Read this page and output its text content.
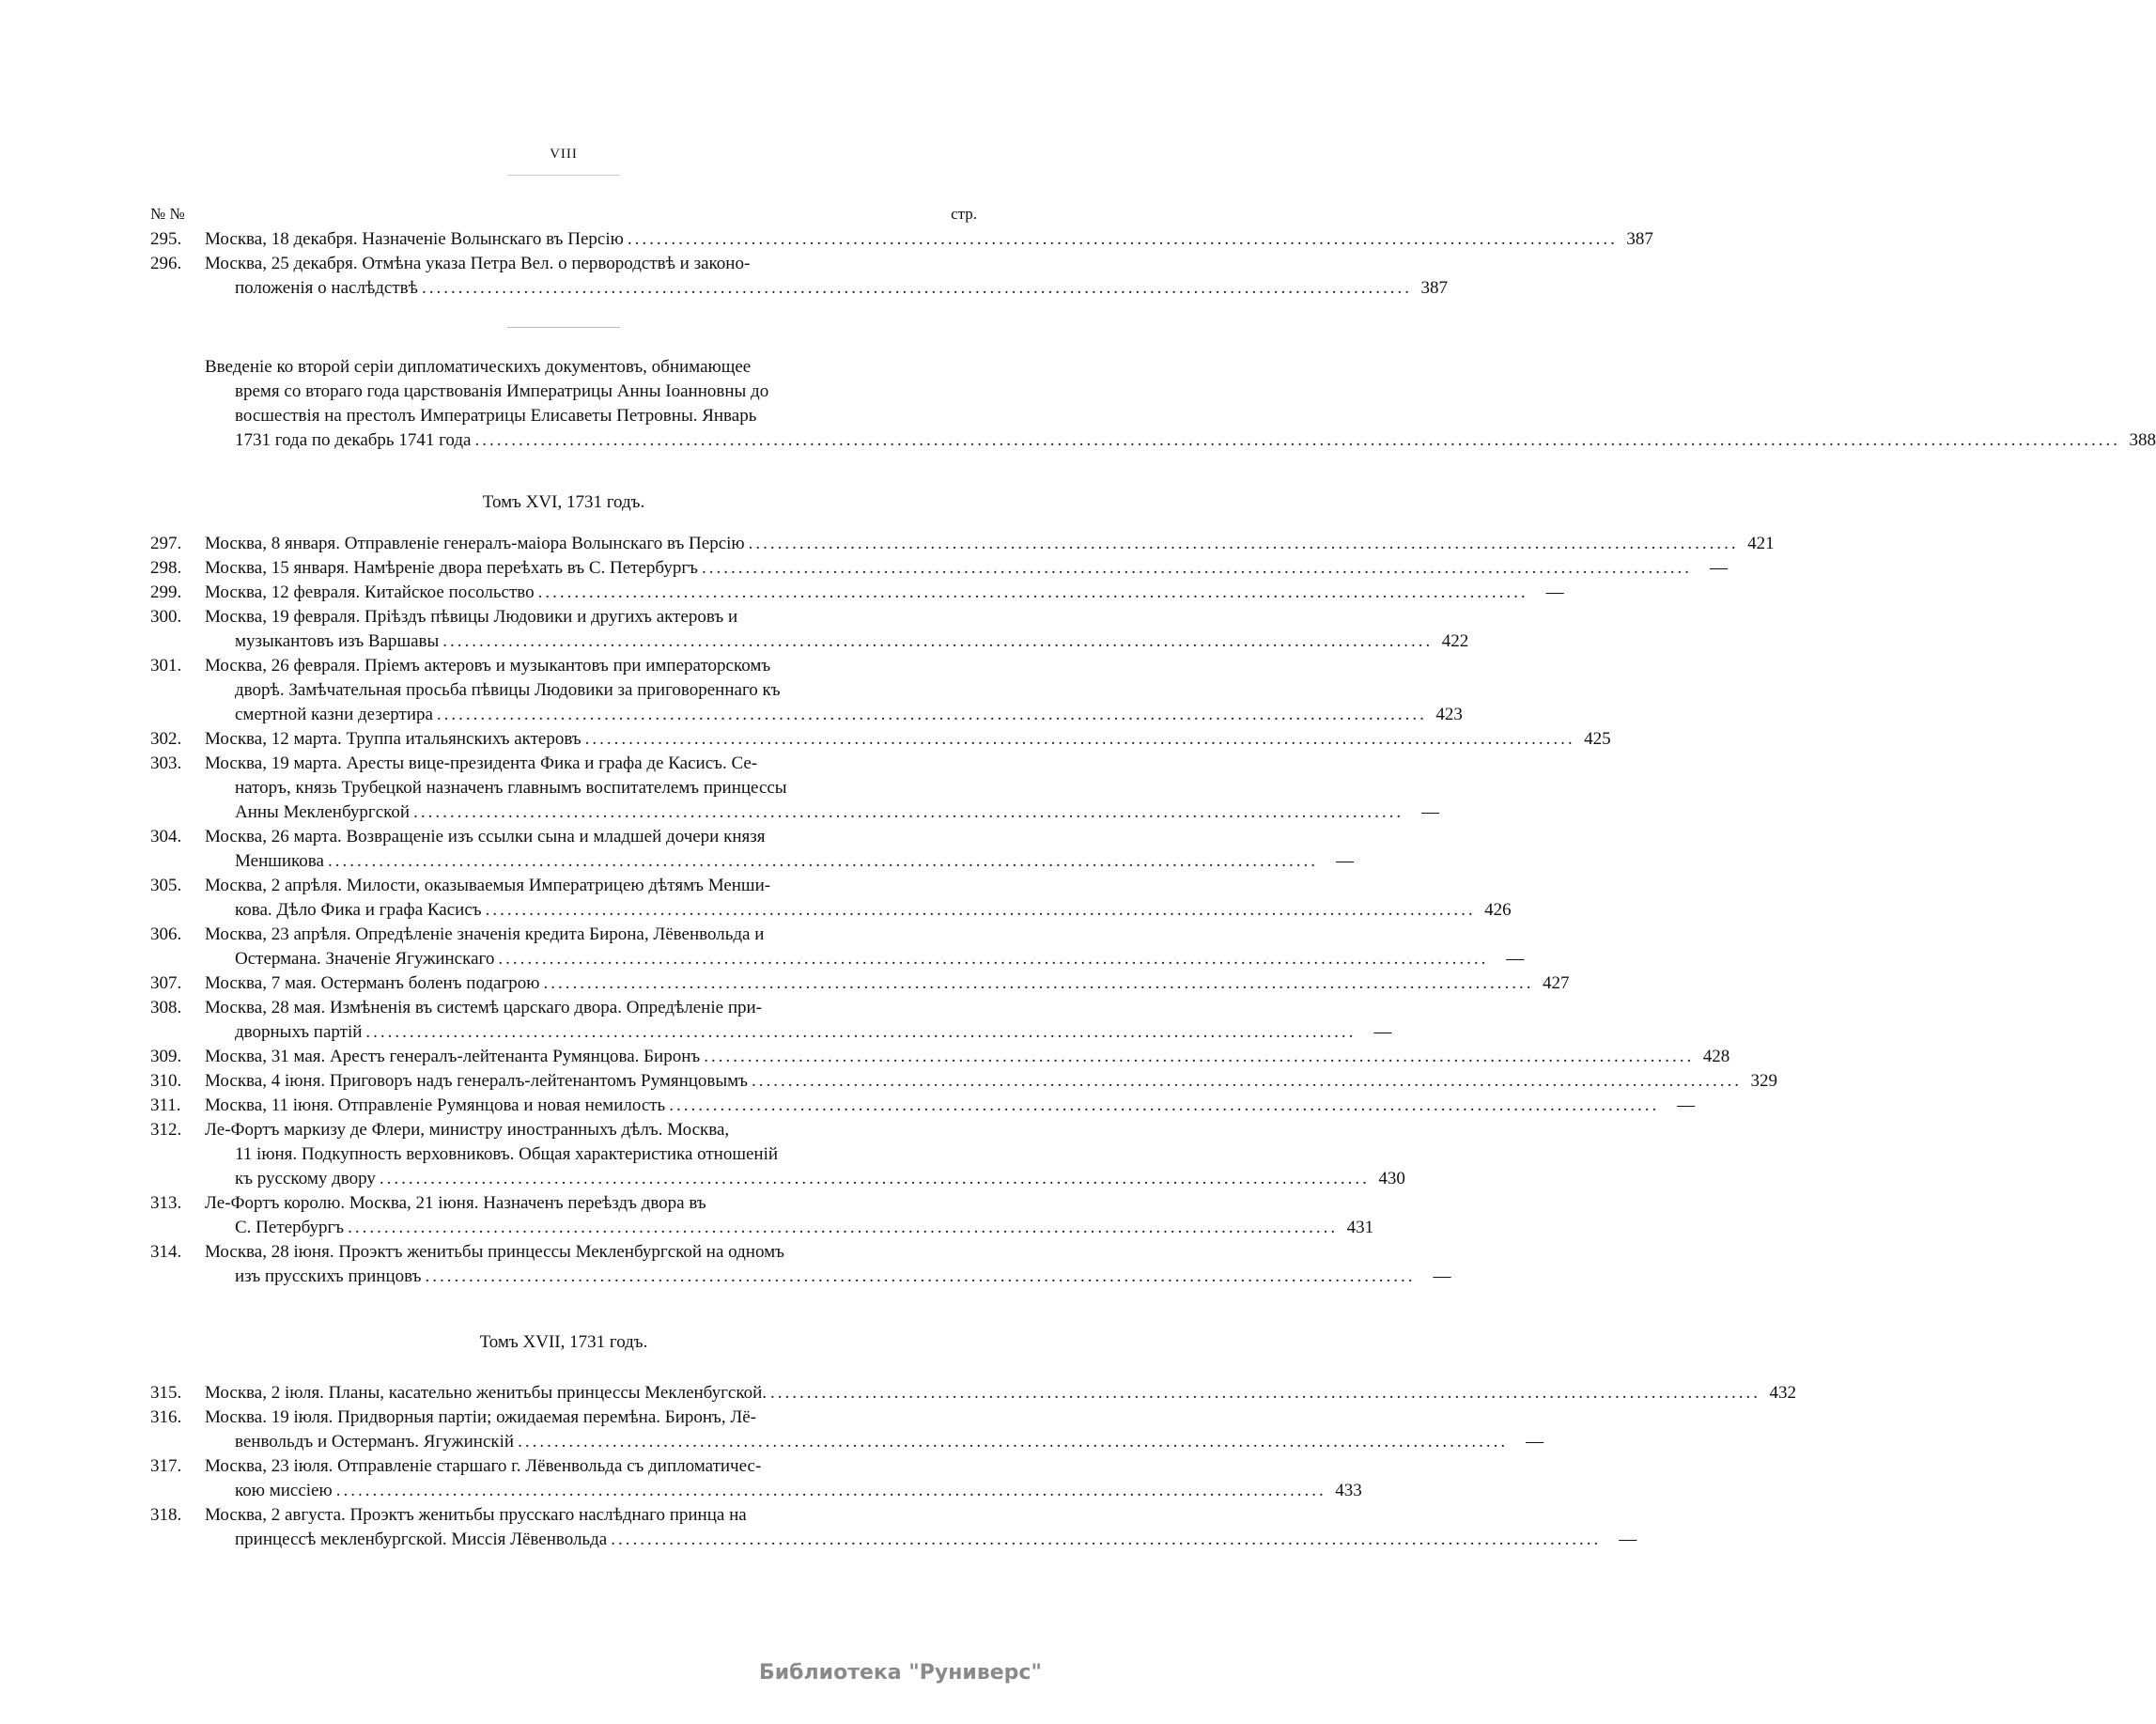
VIII
№ №	стр.
295.	Москва, 18 декабря. Назначеніе Волынскаго въ Персію .....	387
296.	Москва, 25 декабря. Отмѣна указа Петра Вел. о первородствѣ и законо-
положенія о наслѣдствѣ .....	387
Введеніе ко второй серіи дипломатическихъ документовъ, обнимающее
время со втораго года царствованія Императрицы Анны Іоанновны до
восшествія на престолъ Императрицы Елисаветы Петровны. Январь
1731 года по декабрь 1741 года	..... .......................................................................................... 388
Томъ XVI, 1731 годъ.
297.	Москва, 8 января. Отправленіе генералъ-маіора Волынскаго въ Персію .....	421
298.	Москва, 15 января. Намѣреніе двора переѣхать въ С. Петербургъ .....	—
299.	Москва, 12 февраля. Китайское посольство .....	—
300.	Москва, 19 февраля. Пріѣздъ пѣвицы Людовики и другихъ актеровъ и
музыкантовъ изъ Варшавы .....	422
301.	Москва, 26 февраля. Пріемъ актеровъ и музыкантовъ при императорскомъ
дворѣ. Замѣчательная просьба пѣвицы Людовики за приговореннаго къ
смертной казни дезертира .....	423
302.	Москва, 12 марта. Труппа итальянскихъ актеровъ .....	425
303.	Москва, 19 марта. Аресты вице-президента Фика и графа де Касисъ. Се-
наторъ, князь Трубецкой назначенъ главнымъ воспитателемъ принцессы
Анны Мекленбургской .....	—
304.	Москва, 26 марта. Возвращеніе изъ ссылки сына и младшей дочери князя
Меншикова .....	—
305.	Москва, 2 апрѣля. Милости, оказываемыя Императрицею дѣтямъ Менши-
кова. Дѣло Фика и графа Касисъ .....	426
306.	Москва, 23 апрѣля. Опредѣленіе значенія кредита Бирона, Лёвенвольда и
Остермана. Значеніе Ягужинскаго .....	—
307.	Москва, 7 мая. Остерманъ боленъ подагрою .....	427
308.	Москва, 28 мая. Измѣненія въ системѣ царскаго двора. Опредѣленіе при-
дворныхъ партій .....	—
309.	Москва, 31 мая. Арестъ генералъ-лейтенанта Румянцова. Биронъ .....	428
310.	Москва, 4 іюня. Приговоръ надъ генералъ-лейтенантомъ Румянцовымъ .....	329
311.	Москва, 11 іюня. Отправленіе Румянцова и новая немилость .....	—
312.	Ле-Фортъ маркизу де Флери, министру иностранныхъ дѣлъ. Москва,
11 іюня. Подкупность верховниковъ. Общая характеристика отношеній
къ русскому двору .....	430
313.	Ле-Фортъ королю. Москва, 21 іюня. Назначенъ переѣздъ двора въ
С. Петербургъ .....	431
314.	Москва, 28 іюня. Проэктъ женитьбы принцессы Мекленбургской на одномъ
изъ прусскихъ принцовъ .....	—
Томъ XVII, 1731 годъ.
315.	Москва, 2 іюля. Планы, касательно женитьбы принцессы Мекленбугской. .....	432
316.	Москва. 19 іюля. Придворныя партіи; ожидаемая перемѣна. Биронъ, Лё-
венвольдъ и Остерманъ. Ягужинскій .....	—
317.	Москва, 23 іюля. Отправленіе старшаго г. Лёвенвольда съ дипломатичес-
кою миссіею .....	433
318.	Москва, 2 августа. Проэктъ женитьбы прусскаго наслѣднаго принца на
принцессѣ мекленбургской. Миссія Лёвенвольда .....	—
Библиотека "Руниверс"
